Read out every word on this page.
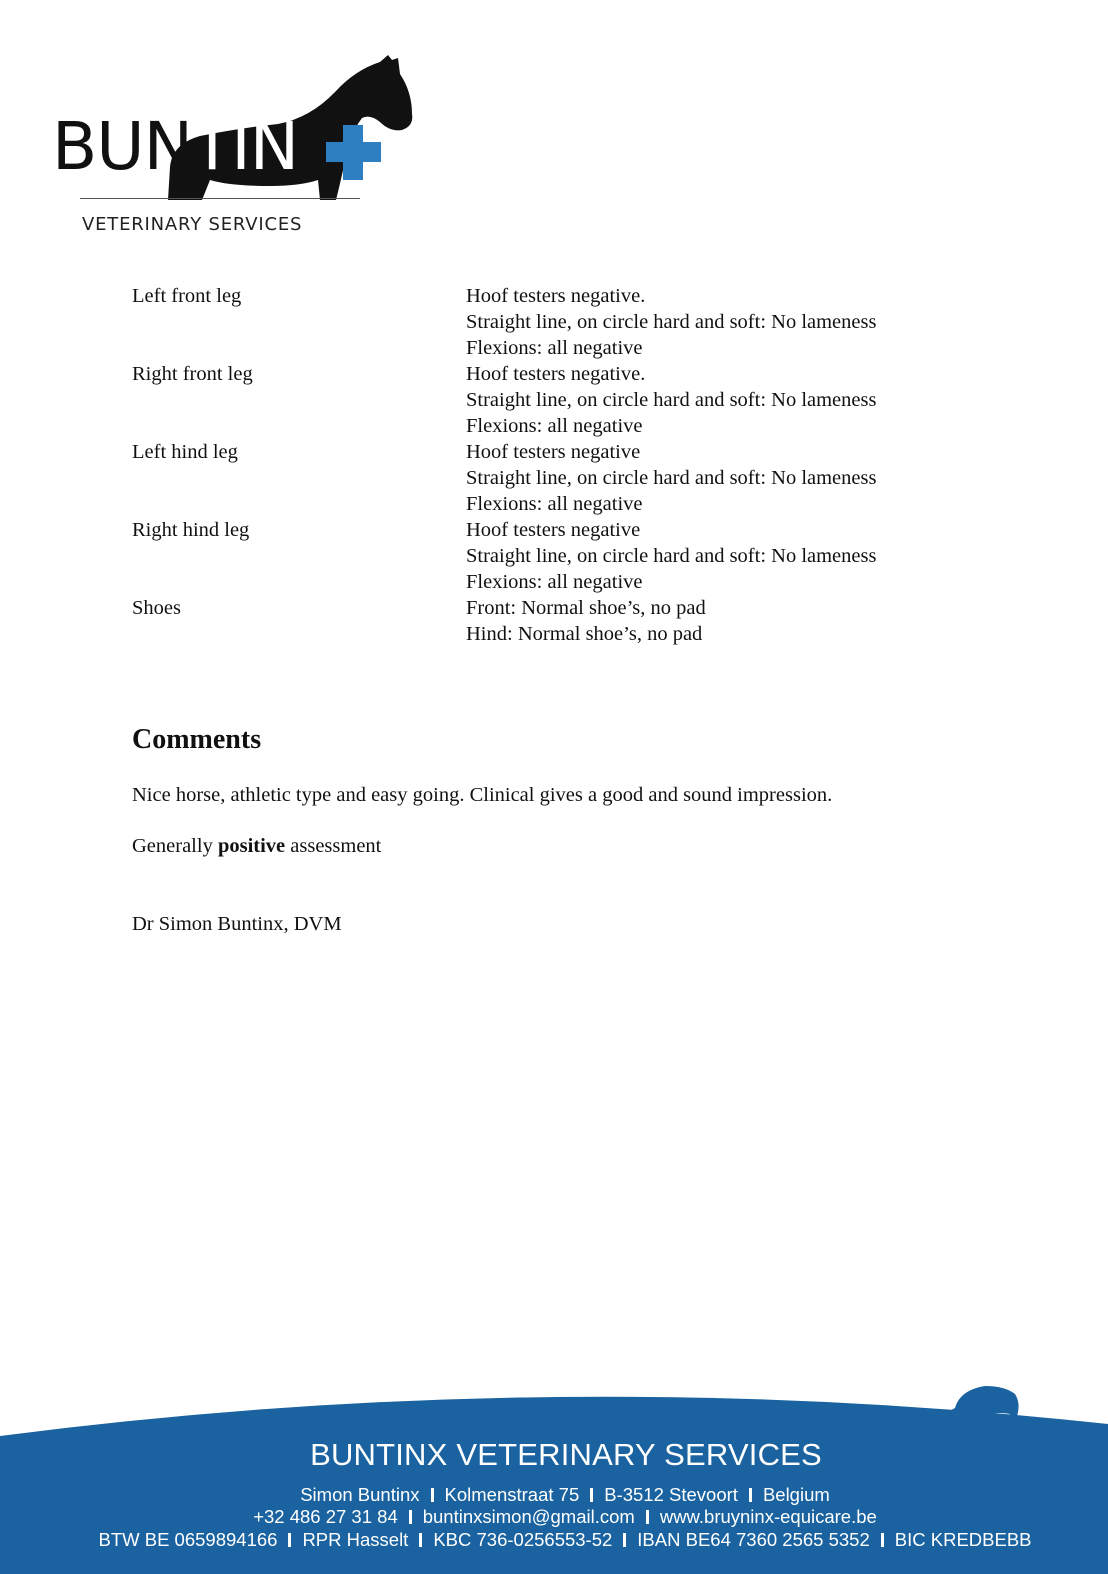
BUNTIN
VETERINARY SERVICES
Left front leg	Hoof testers negative.
Straight line, on circle hard and soft: No lameness
Flexions: all negative
Right front leg	Hoof testers negative.
Straight line, on circle hard and soft: No lameness
Flexions: all negative
Left hind leg	Hoof testers negative
Straight line, on circle hard and soft: No lameness
Flexions: all negative
Right hind leg	Hoof testers negative
Straight line, on circle hard and soft: No lameness
Flexions: all negative
Shoes	Front: Normal shoe’s, no pad
Hind: Normal shoe’s, no pad
Comments
Nice horse, athletic type and easy going. Clinical gives a good and sound impression.
Generally positive assessment
Dr Simon Buntinx, DVM
BUNTINX VETERINARY SERVICES
Simon Buntinx Kolmenstraat 75 B-3512 Stevoort Belgium
+32 486 27 31 84 buntinxsimon@gmail.com www.bruyninx-equicare.be
BTW BE 0659894166 RPR Hasselt KBC 736-0256553-52 IBAN BE64 7360 2565 5352 BIC KREDBEBB
